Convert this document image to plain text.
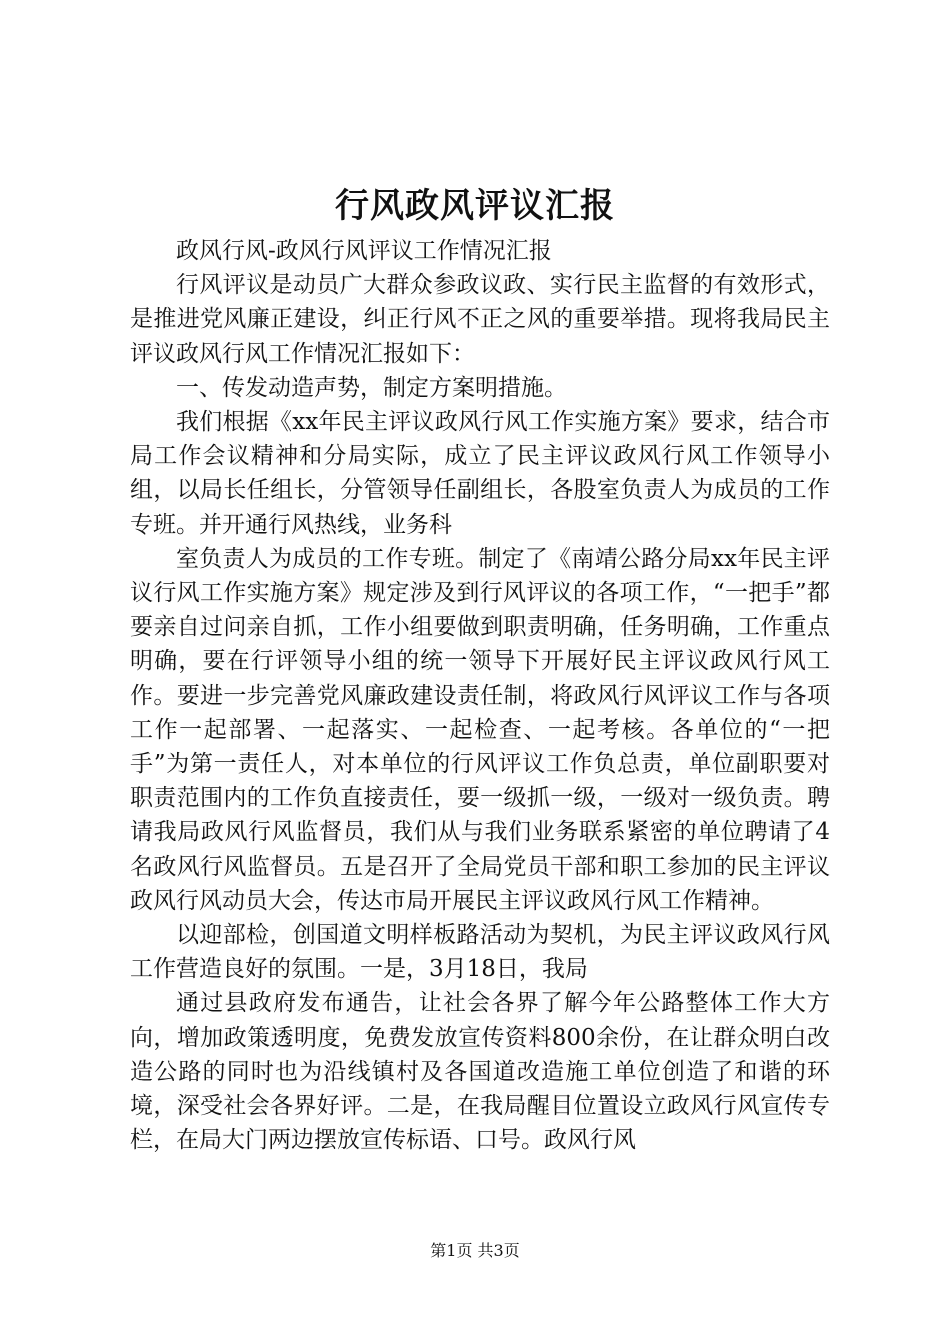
行风政风评议汇报

政风行风-政风行风评议工作情况汇报

行风评议是动员广大群众参政议政、实行民主监督的有效形式，是推进党风廉正建设，纠正行风不正之风的重要举措。现将我局民主评议政风行风工作情况汇报如下：

一、传发动造声势，制定方案明措施。

我们根据《xx年民主评议政风行风工作实施方案》要求，结合市局工作会议精神和分局实际，成立了民主评议政风行风工作领导小组，以局长任组长，分管领导任副组长，各股室负责人为成员的工作专班。并开通行风热线，业务科

室负责人为成员的工作专班。制定了《南靖公路分局xx年民主评议行风工作实施方案》规定涉及到行风评议的各项工作，“一把手”都要亲自过问亲自抓，工作小组要做到职责明确，任务明确，工作重点明确，要在行评领导小组的统一领导下开展好民主评议政风行风工作。要进一步完善党风廉政建设责任制，将政风行风评议工作与各项工作一起部署、一起落实、一起检查、一起考核。各单位的“一把手”为第一责任人，对本单位的行风评议工作负总责，单位副职要对职责范围内的工作负直接责任，要一级抓一级，一级对一级负责。聘请我局政风行风监督员，我们从与我们业务联系紧密的单位聘请了4名政风行风监督员。五是召开了全局党员干部和职工参加的民主评议政风行风动员大会，传达市局开展民主评议政风行风工作精神。

以迎部检，创国道文明样板路活动为契机，为民主评议政风行风工作营造良好的氛围。一是，3月18日，我局

通过县政府发布通告，让社会各界了解今年公路整体工作大方向，增加政策透明度，免费发放宣传资料800余份，在让群众明白改造公路的同时也为沿线镇村及各国道改造施工单位创造了和谐的环境，深受社会各界好评。二是，在我局醒目位置设立政风行风宣传专栏，在局大门两边摆放宣传标语、口号。政风行风

第1页 共3页
